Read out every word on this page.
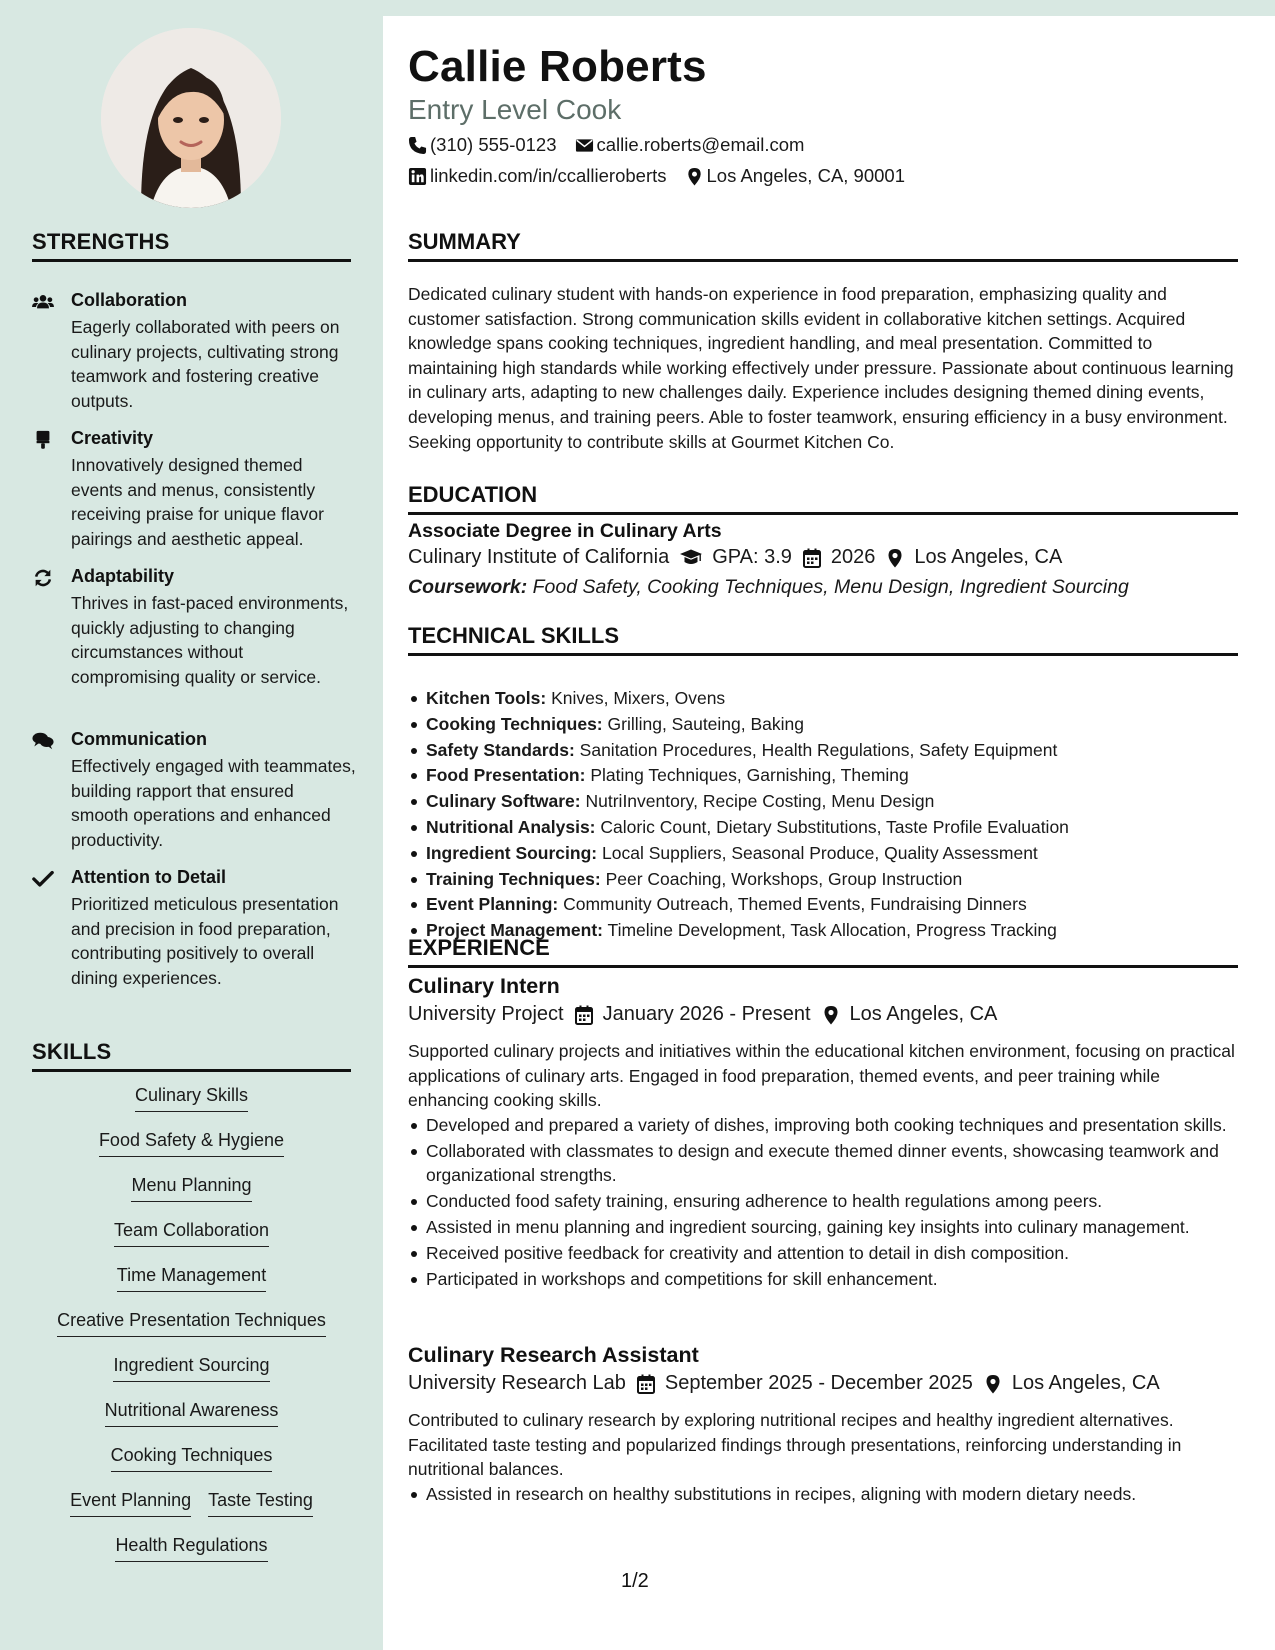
STRENGTHS
Collaboration
Eagerly collaborated with peers on culinary projects, cultivating strong teamwork and fostering creative outputs.
Creativity
Innovatively designed themed events and menus, consistently receiving praise for unique flavor pairings and aesthetic appeal.
Adaptability
Thrives in fast-paced environments, quickly adjusting to changing circumstances without compromising quality or service.
Communication
Effectively engaged with teammates, building rapport that ensured smooth operations and enhanced productivity.
Attention to Detail
Prioritized meticulous presentation and precision in food preparation, contributing positively to overall dining experiences.
SKILLS
Culinary Skills
Food Safety & Hygiene
Menu Planning
Team Collaboration
Time Management
Creative Presentation Techniques
Ingredient Sourcing
Nutritional Awareness
Cooking Techniques
Event Planning Taste Testing
Health Regulations
Callie Roberts
Entry Level Cook
(310) 555-0123 callie.roberts@email.com
linkedin.com/in/ccallieroberts Los Angeles, CA, 90001
SUMMARY
Dedicated culinary student with hands-on experience in food preparation, emphasizing quality and customer satisfaction. Strong communication skills evident in collaborative kitchen settings. Acquired knowledge spans cooking techniques, ingredient handling, and meal presentation. Committed to maintaining high standards while working effectively under pressure. Passionate about continuous learning in culinary arts, adapting to new challenges daily. Experience includes designing themed dining events, developing menus, and training peers. Able to foster teamwork, ensuring efficiency in a busy environment. Seeking opportunity to contribute skills at Gourmet Kitchen Co.
EDUCATION
Associate Degree in Culinary Arts
Culinary Institute of California GPA: 3.9 2026 Los Angeles, CA
Coursework: Food Safety, Cooking Techniques, Menu Design, Ingredient Sourcing
TECHNICAL SKILLS
Kitchen Tools: Knives, Mixers, Ovens
Cooking Techniques: Grilling, Sauteing, Baking
Safety Standards: Sanitation Procedures, Health Regulations, Safety Equipment
Food Presentation: Plating Techniques, Garnishing, Theming
Culinary Software: NutriInventory, Recipe Costing, Menu Design
Nutritional Analysis: Caloric Count, Dietary Substitutions, Taste Profile Evaluation
Ingredient Sourcing: Local Suppliers, Seasonal Produce, Quality Assessment
Training Techniques: Peer Coaching, Workshops, Group Instruction
Event Planning: Community Outreach, Themed Events, Fundraising Dinners
Project Management: Timeline Development, Task Allocation, Progress Tracking
EXPERIENCE
Culinary Intern
University Project January 2026 - Present Los Angeles, CA
Supported culinary projects and initiatives within the educational kitchen environment, focusing on practical applications of culinary arts. Engaged in food preparation, themed events, and peer training while enhancing cooking skills.
Developed and prepared a variety of dishes, improving both cooking techniques and presentation skills.
Collaborated with classmates to design and execute themed dinner events, showcasing teamwork and organizational strengths.
Conducted food safety training, ensuring adherence to health regulations among peers.
Assisted in menu planning and ingredient sourcing, gaining key insights into culinary management.
Received positive feedback for creativity and attention to detail in dish composition.
Participated in workshops and competitions for skill enhancement.
Culinary Research Assistant
University Research Lab September 2025 - December 2025 Los Angeles, CA
Contributed to culinary research by exploring nutritional recipes and healthy ingredient alternatives. Facilitated taste testing and popularized findings through presentations, reinforcing understanding in nutritional balances.
Assisted in research on healthy substitutions in recipes, aligning with modern dietary needs.
1/2
